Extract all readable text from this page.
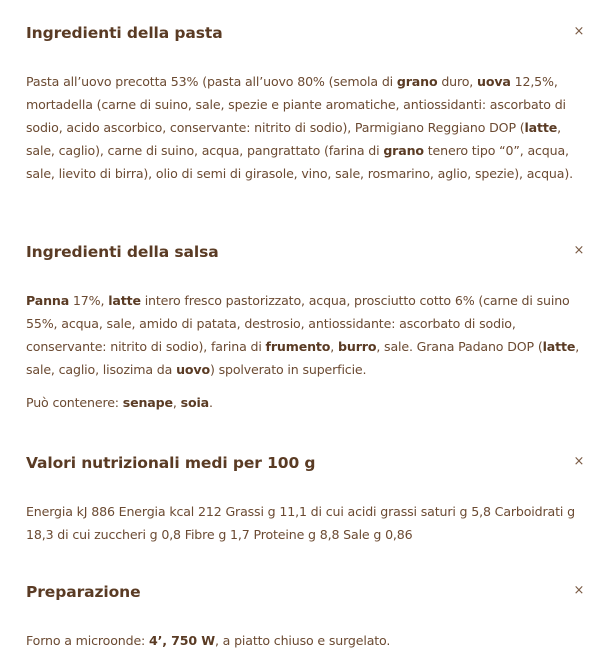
Ingredienti della pasta	×

Pasta all’uovo precotta 53% (pasta all’uovo 80% (semola di grano duro, uova 12,5%, mortadella (carne di suino, sale, spezie e piante aromatiche, antiossidanti: ascorbato di sodio, acido ascorbico, conservante: nitrito di sodio), Parmigiano Reggiano DOP (latte, sale, caglio), carne di suino, acqua, pangrattato (farina di grano tenero tipo “0”, acqua, sale, lievito di birra), olio di semi di girasole, vino, sale, rosmarino, aglio, spezie), acqua).

Ingredienti della salsa	×

Panna 17%, latte intero fresco pastorizzato, acqua, prosciutto cotto 6% (carne di suino 55%, acqua, sale, amido di patata, destrosio, antiossidante: ascorbato di sodio, conservante: nitrito di sodio), farina di frumento, burro, sale. Grana Padano DOP (latte, sale, caglio, lisozima da uovo) spolverato in superficie.

Può contenere: senape, soia.

Valori nutrizionali medi per 100 g	×

Energia kJ 886 Energia kcal 212 Grassi g 11,1 di cui acidi grassi saturi g 5,8 Carboidrati g 18,3 di cui zuccheri g 0,8 Fibre g 1,7 Proteine g 8,8 Sale g 0,86

Preparazione	×

Forno a microonde: 4’, 750 W, a piatto chiuso e surgelato.
